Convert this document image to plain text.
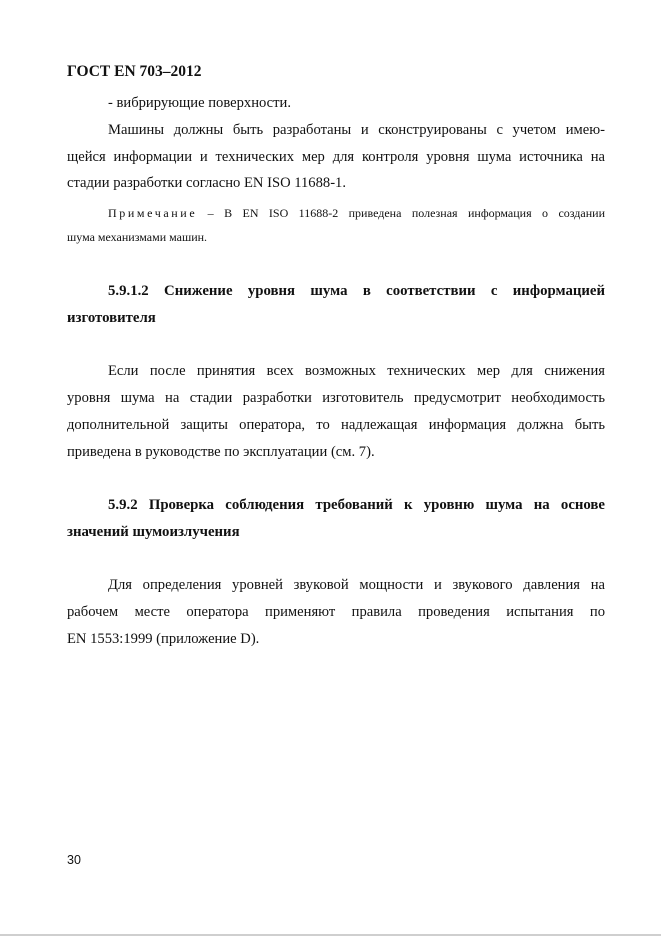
ГОСТ EN 703–2012
- вибрирующие поверхности.
Машины должны быть разработаны и сконструированы с учетом имею-
щейся информации и технических мер для контроля уровня шума источника на
стадии разработки согласно EN ISO 11688-1.
Примечание – В EN ISO 11688-2 приведена полезная информация о создании
шума механизмами машин.
5.9.1.2 Снижение уровня шума в соответствии с информацией
изготовителя
Если после принятия всех возможных технических мер для снижения
уровня шума на стадии разработки изготовитель предусмотрит необходимость
дополнительной защиты оператора, то надлежащая информация должна быть
приведена в руководстве по эксплуатации (см. 7).
5.9.2 Проверка соблюдения требований к уровню шума на основе
значений шумоизлучения
Для определения уровней звуковой мощности и звукового давления на
рабочем месте оператора применяют правила проведения испытания по
EN 1553:1999 (приложение D).
30
